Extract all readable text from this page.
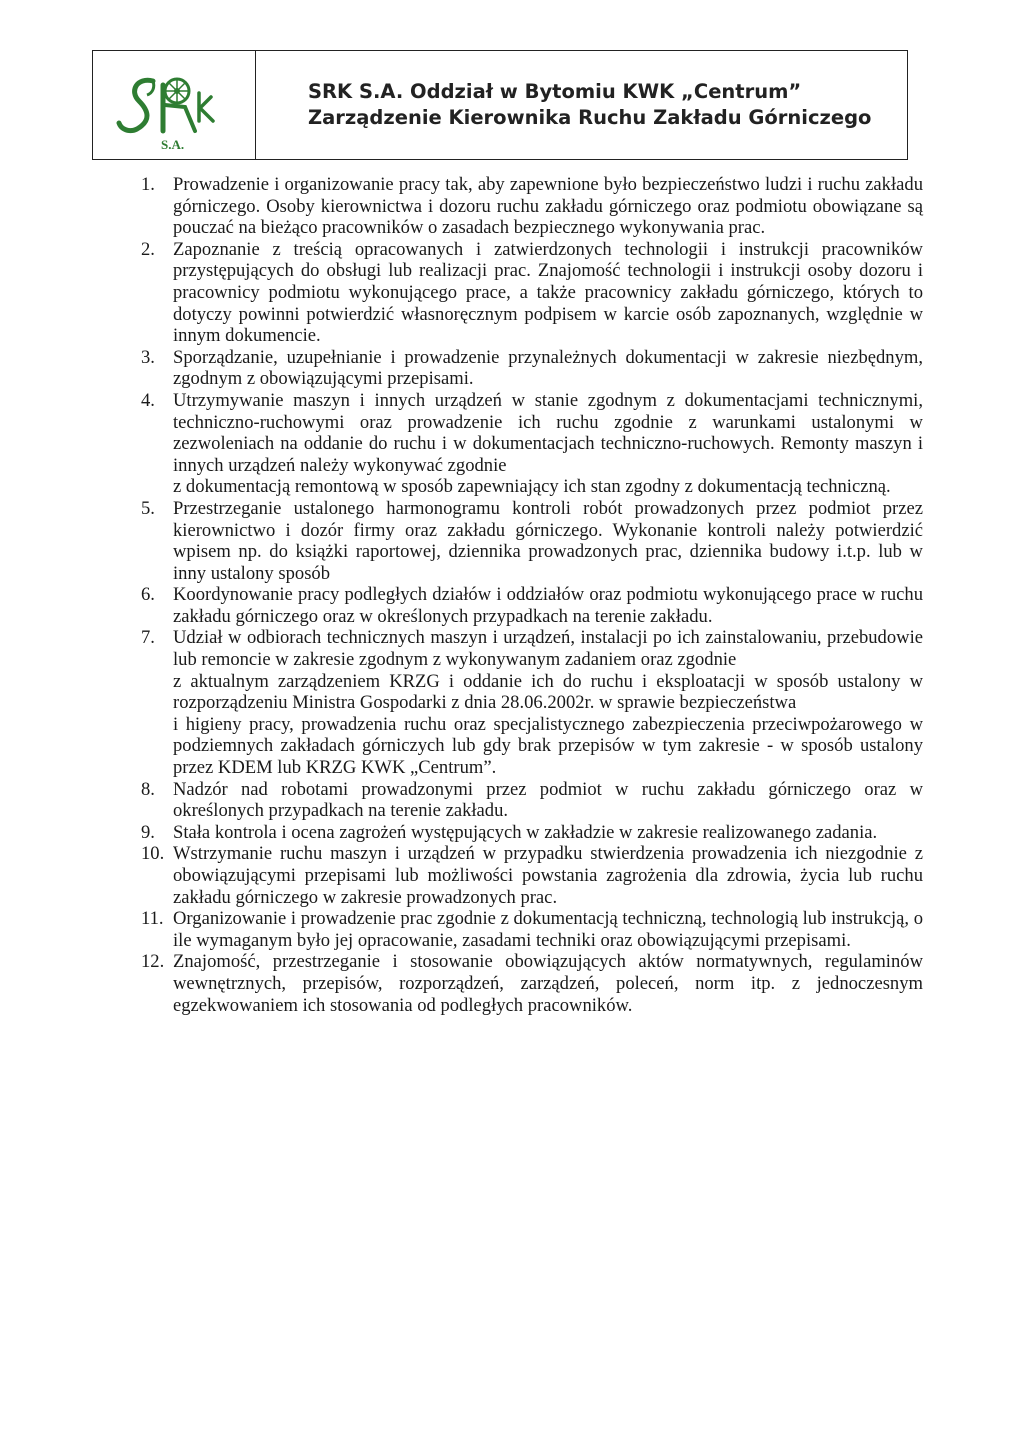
S.A.
SRK S.A. Oddział w Bytomiu KWK „Centrum”
Zarządzenie Kierownika Ruchu Zakładu Górniczego
1. Prowadzenie i organizowanie pracy tak, aby zapewnione było bezpieczeństwo ludzi i ruchu zakładu górniczego. Osoby kierownictwa i dozoru ruchu zakładu górniczego oraz podmiotu obowiązane są pouczać na bieżąco pracowników o zasadach bezpiecznego wykonywania prac.
2. Zapoznanie z treścią opracowanych i zatwierdzonych technologii i instrukcji pracowników przystępujących do obsługi lub realizacji prac. Znajomość technologii i instrukcji osoby dozoru i pracownicy podmiotu wykonującego prace, a także pracownicy zakładu górniczego, których to dotyczy powinni potwierdzić własnoręcznym podpisem w karcie osób zapoznanych, względnie w innym dokumencie.
3. Sporządzanie, uzupełnianie i prowadzenie przynależnych dokumentacji w zakresie niezbędnym, zgodnym z obowiązującymi przepisami.
4. Utrzymywanie maszyn i innych urządzeń w stanie zgodnym z dokumentacjami technicznymi, techniczno-ruchowymi oraz prowadzenie ich ruchu zgodnie z warunkami ustalonymi w zezwoleniach na oddanie do ruchu i w dokumentacjach techniczno-ruchowych. Remonty maszyn i innych urządzeń należy wykonywać zgodnie
z dokumentacją remontową w sposób zapewniający ich stan zgodny z dokumentacją techniczną.
5. Przestrzeganie ustalonego harmonogramu kontroli robót prowadzonych przez podmiot przez kierownictwo i dozór firmy oraz zakładu górniczego. Wykonanie kontroli należy potwierdzić wpisem np. do książki raportowej, dziennika prowadzonych prac, dziennika budowy i.t.p. lub w inny ustalony sposób
6. Koordynowanie pracy podległych działów i oddziałów oraz podmiotu wykonującego prace w ruchu zakładu górniczego oraz w określonych przypadkach na terenie zakładu.
7. Udział w odbiorach technicznych maszyn i urządzeń, instalacji po ich zainstalowaniu, przebudowie lub remoncie w zakresie zgodnym z wykonywanym zadaniem oraz zgodnie
z aktualnym zarządzeniem KRZG i oddanie ich do ruchu i eksploatacji w sposób ustalony w rozporządzeniu Ministra Gospodarki z dnia 28.06.2002r. w sprawie bezpieczeństwa
i higieny pracy, prowadzenia ruchu oraz specjalistycznego zabezpieczenia przeciwpożarowego w podziemnych zakładach górniczych lub gdy brak przepisów w tym zakresie - w sposób ustalony przez KDEM lub KRZG KWK „Centrum”.
8. Nadzór nad robotami prowadzonymi przez podmiot w ruchu zakładu górniczego oraz w określonych przypadkach na terenie zakładu.
9. Stała kontrola i ocena zagrożeń występujących w zakładzie w zakresie realizowanego zadania.
10. Wstrzymanie ruchu maszyn i urządzeń w przypadku stwierdzenia prowadzenia ich niezgodnie z obowiązującymi przepisami lub możliwości powstania zagrożenia dla zdrowia, życia lub ruchu zakładu górniczego w zakresie prowadzonych prac.
11. Organizowanie i prowadzenie prac zgodnie z dokumentacją techniczną, technologią lub instrukcją, o ile wymaganym było jej opracowanie, zasadami techniki oraz obowiązującymi przepisami.
12. Znajomość, przestrzeganie i stosowanie obowiązujących aktów normatywnych, regulaminów wewnętrznych, przepisów, rozporządzeń, zarządzeń, poleceń, norm itp. z jednoczesnym egzekwowaniem ich stosowania od podległych pracowników.
